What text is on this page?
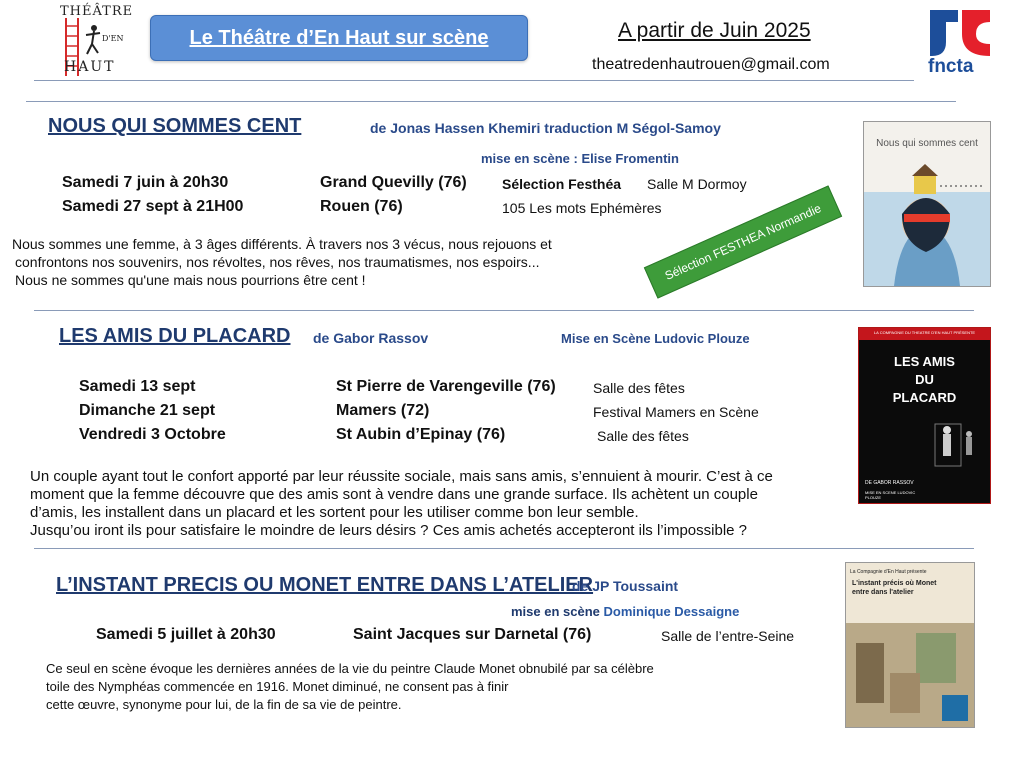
THÉÂTRE
D'EN
HAUT
Le Théâtre d’En Haut sur scène	A partir de Juin 2025
theatredenhautrouen@gmail.com	fncta
NOUS QUI SOMMES CENT	de Jonas Hassen Khemiri traduction M Ségol-Samoy
mise en scène : Elise Fromentin
Samedi 7 juin à 20h30	Grand Quevilly (76)	Sélection Festhéa Salle M Dormoy
Samedi 27 sept à 21H00	Rouen (76)	105 Les mots Ephémères
Nous sommes une femme, à 3 âges différents. À travers nos 3 vécus, nous rejouons et
confrontons nos souvenirs, nos révoltes, nos rêves, nos traumatismes, nos espoirs...
Nous ne sommes qu'une mais nous pourrions être cent !	Sélection FESTHEA Normandie
Nous qui sommes cent
LES AMIS DU PLACARD de Gabor Rassov	Mise en Scène Ludovic Plouze
Samedi 13 sept	St Pierre de Varengeville (76)	Salle des fêtes
Dimanche 21 sept	Mamers (72)	Festival Mamers en Scène
Vendredi 3 Octobre	St Aubin d’Epinay (76)	Salle des fêtes
Un couple ayant tout le confort apporté par leur réussite sociale, mais sans amis, s’ennuient à mourir. C’est à ce
moment que la femme découvre que des amis sont à vendre dans une grande surface. Ils achètent un couple
d’amis, les installent dans un placard et les sortent pour les utiliser comme bon leur semble.
Jusqu’ou iront ils pour satisfaire le moindre de leurs désirs ? Ces amis achetés accepteront ils l’impossible ?
LA COMPAGNIE DU THEATRE D'EN HAUT PRÉSENTE
LES AMIS
DU
PLACARD
DE GABOR RASSOV
MISE EN SCENE LUDOVIC PLOUZE
L’INSTANT PRECIS OU MONET ENTRE DANS L’ATELIER
de JP Toussaint
mise en scène Dominique Dessaigne
Samedi 5 juillet à 20h30	Saint Jacques sur Darnetal (76)	Salle de l’entre-Seine
Ce seul en scène évoque les dernières années de la vie du peintre Claude Monet obnubilé par sa célèbre
toile des Nymphéas commencée en 1916. Monet diminué, ne consent pas à finir
cette œuvre, synonyme pour lui, de la fin de sa vie de peintre.
La Compagnie d'En Haut présente
L'instant précis où Monet entre dans l'atelier
